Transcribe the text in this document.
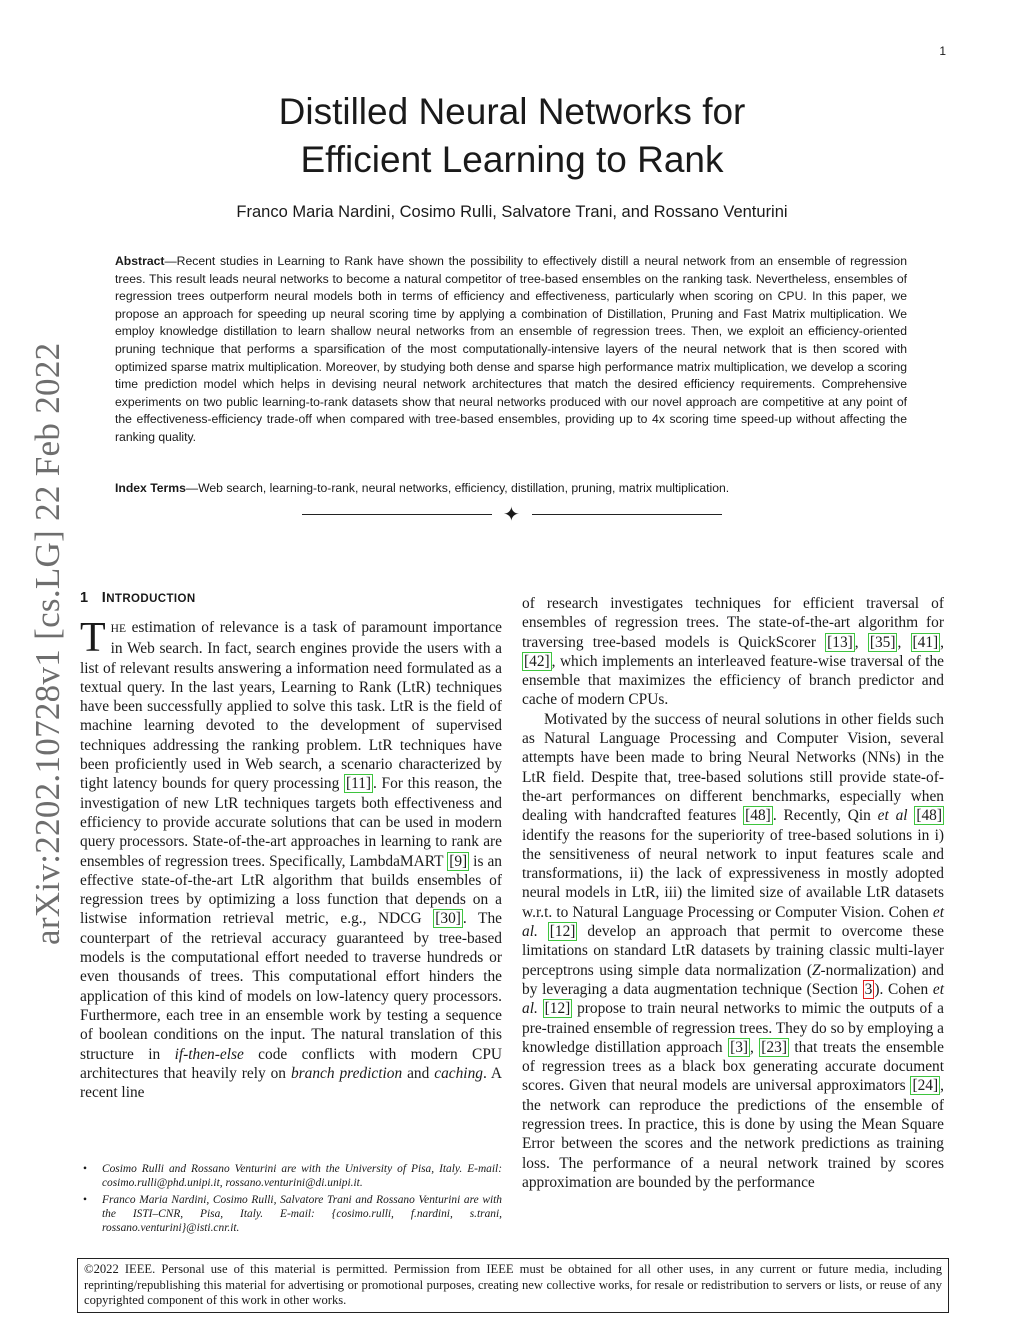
1
arXiv:2202.10728v1 [cs.LG] 22 Feb 2022
Distilled Neural Networks for
Efficient Learning to Rank
Franco Maria Nardini, Cosimo Rulli, Salvatore Trani, and Rossano Venturini
Abstract—Recent studies in Learning to Rank have shown the possibility to effectively distill a neural network from an ensemble of regression trees. This result leads neural networks to become a natural competitor of tree-based ensembles on the ranking task. Nevertheless, ensembles of regression trees outperform neural models both in terms of efficiency and effectiveness, particularly when scoring on CPU. In this paper, we propose an approach for speeding up neural scoring time by applying a combination of Distillation, Pruning and Fast Matrix multiplication. We employ knowledge distillation to learn shallow neural networks from an ensemble of regression trees. Then, we exploit an efficiency-oriented pruning technique that performs a sparsification of the most computationally-intensive layers of the neural network that is then scored with optimized sparse matrix multiplication. Moreover, by studying both dense and sparse high performance matrix multiplication, we develop a scoring time prediction model which helps in devising neural network architectures that match the desired efficiency requirements. Comprehensive experiments on two public learning-to-rank datasets show that neural networks produced with our novel approach are competitive at any point of the effectiveness-efficiency trade-off when compared with tree-based ensembles, providing up to 4x scoring time speed-up without affecting the ranking quality.
Index Terms—Web search, learning-to-rank, neural networks, efficiency, distillation, pruning, matrix multiplication.
✦
1 INTRODUCTION

THE estimation of relevance is a task of paramount importance in Web search. In fact, search engines provide the users with a list of relevant results answering a information need formulated as a textual query. In the last years, Learning to Rank (LtR) techniques have been successfully applied to solve this task. LtR is the field of machine learning devoted to the development of supervised techniques addressing the ranking problem. LtR techniques have been proficiently used in Web search, a scenario characterized by tight latency bounds for query processing [11] . For this reason, the investigation of new LtR techniques targets both effectiveness and efficiency to provide accurate solutions that can be used in modern query processors. State-of-the-art approaches in learning to rank are ensembles of regression trees. Specifically, LambdaMART [9] is an effective state-of-the-art LtR algorithm that builds ensembles of regression trees by optimizing a loss function that depends on a listwise information retrieval metric, e.g., NDCG [30] . The counterpart of the retrieval accuracy guaranteed by tree-based models is the computational effort needed to traverse hundreds or even thousands of trees. This computational effort hinders the application of this kind of models on low-latency query processors. Furthermore, each tree in an ensemble work by testing a sequence of boolean conditions on the input. The natural translation of this structure in if-then-else code conflicts with modern CPU architectures that heavily rely on branch prediction and caching. A recent line

of research investigates techniques for efficient traversal of ensembles of regression trees. The state-of-the-art algorithm for traversing tree-based models is QuickScorer [13] , [35] , [41] , [42] , which implements an interleaved feature-wise traversal of the ensemble that maximizes the efficiency of branch predictor and cache of modern CPUs.

Motivated by the success of neural solutions in other fields such as Natural Language Processing and Computer Vision, several attempts have been made to bring Neural Networks (NNs) in the LtR field. Despite that, tree-based solutions still provide state-of-the-art performances on different benchmarks, especially when dealing with handcrafted features [48] . Recently, Qin et al [48] identify the reasons for the superiority of tree-based solutions in i) the sensitiveness of neural network to input features scale and transformations, ii) the lack of expressiveness in mostly adopted neural models in LtR, iii) the limited size of available LtR datasets w.r.t. to Natural Language Processing or Computer Vision. Cohen et al. [12] develop an approach that permit to overcome these limitations on standard LtR datasets by training classic multi-layer perceptrons using simple data normalization (Z-normalization) and by leveraging a data augmentation technique (Section 3 ). Cohen et al. [12] propose to train neural networks to mimic the outputs of a pre-trained ensemble of regression trees. They do so by employing a knowledge distillation approach [3] , [23] that treats the ensemble of regression trees as a black box generating accurate document scores. Given that neural models are universal approximators [24] , the network can reproduce the predictions of the ensemble of regression trees. In practice, this is done by using the Mean Square Error between the scores and the network predictions as training loss. The performance of a neural network trained by scores approximation are bounded by the performance

• Cosimo Rulli and Rossano Venturini are with the University of Pisa, Italy. E-mail: cosimo.rulli@phd.unipi.it, rossano.venturini@di.unipi.it.
• Franco Maria Nardini, Cosimo Rulli, Salvatore Trani and Rossano Venturini are with the ISTI–CNR, Pisa, Italy. E-mail: {cosimo.rulli, f.nardini, s.trani, rossano.venturini}@isti.cnr.it.
©2022 IEEE. Personal use of this material is permitted. Permission from IEEE must be obtained for all other uses, in any current or future media, including reprinting/republishing this material for advertising or promotional purposes, creating new collective works, for resale or redistribution to servers or lists, or reuse of any copyrighted component of this work in other works.
